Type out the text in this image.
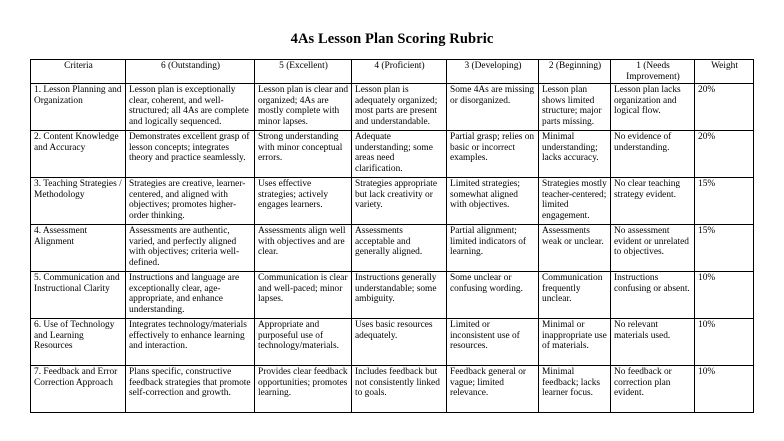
4As Lesson Plan Scoring Rubric
Criteria	6 (Outstanding)	5 (Excellent)	4 (Proficient)	3 (Developing)	2 (Beginning)	1 (Needs Improvement)	Weight

1. Lesson Planning and Organization	Lesson plan is exceptionally clear, coherent, and well-structured; all 4As are complete and logically sequenced.	Lesson plan is clear and organized; 4As are mostly complete with minor lapses.	Lesson plan is adequately organized; most parts are present and understandable.	Some 4As are missing or disorganized.	Lesson plan shows limited structure; major parts missing.	Lesson plan lacks organization and logical flow.	20%

2. Content Knowledge and Accuracy	Demonstrates excellent grasp of lesson concepts; integrates theory and practice seamlessly.	Strong understanding with minor conceptual errors.	Adequate understanding; some areas need clarification.	Partial grasp; relies on basic or incorrect examples.	Minimal understanding; lacks accuracy.	No evidence of understanding.	20%

3. Teaching Strategies / Methodology	Strategies are creative, learner-centered, and aligned with objectives; promotes higher-order thinking.	Uses effective strategies; actively engages learners.	Strategies appropriate but lack creativity or variety.	Limited strategies; somewhat aligned with objectives.	Strategies mostly teacher-centered; limited engagement.	No clear teaching strategy evident.	15%

4. Assessment Alignment	Assessments are authentic, varied, and perfectly aligned with objectives; criteria well-defined.	Assessments align well with objectives and are clear.	Assessments acceptable and generally aligned.	Partial alignment; limited indicators of learning.	Assessments weak or unclear.	No assessment evident or unrelated to objectives.	15%

5. Communication and Instructional Clarity	Instructions and language are exceptionally clear, age-appropriate, and enhance understanding.	Communication is clear and well-paced; minor lapses.	Instructions generally understandable; some ambiguity.	Some unclear or confusing wording.	Communication frequently unclear.	Instructions confusing or absent.	10%

6. Use of Technology and Learning Resources	Integrates technology/materials effectively to enhance learning and interaction.	Appropriate and purposeful use of technology/materials.	Uses basic resources adequately.	Limited or inconsistent use of resources.	Minimal or inappropriate use of materials.	No relevant materials used.	10%

7. Feedback and Error Correction Approach	Plans specific, constructive feedback strategies that promote self-correction and growth.	Provides clear feedback opportunities; promotes learning.	Includes feedback but not consistently linked to goals.	Feedback general or vague; limited relevance.	Minimal feedback; lacks learner focus.	No feedback or correction plan evident.	10%
